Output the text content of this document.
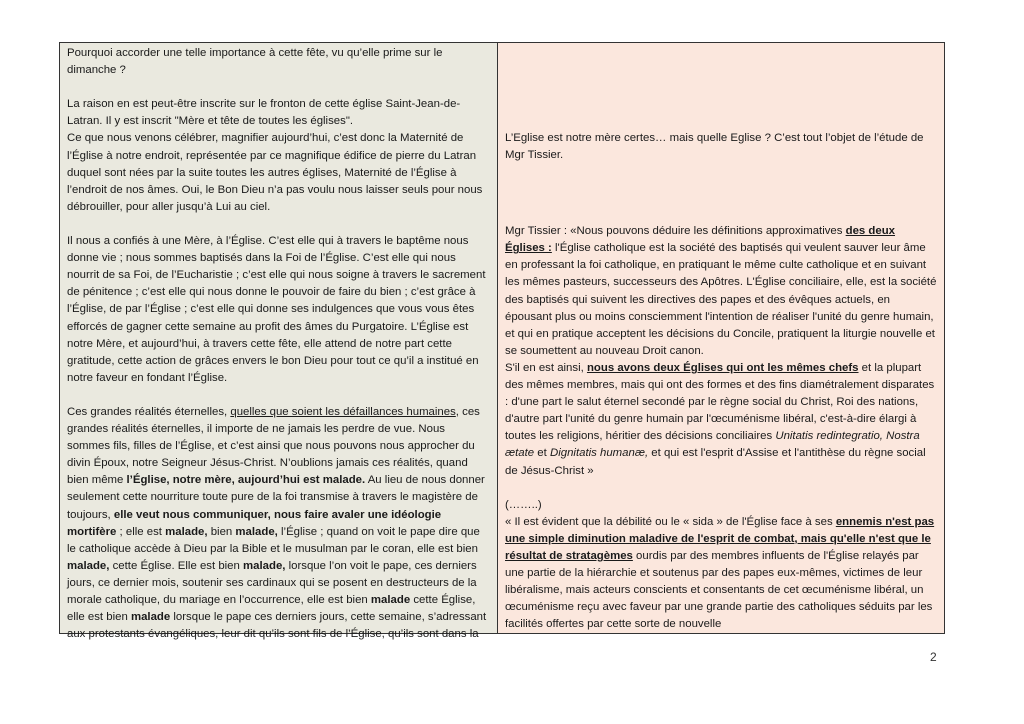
Pourquoi accorder une telle importance à cette fête, vu qu’elle prime sur le dimanche ?

La raison en est peut-être inscrite sur le fronton de cette église Saint-Jean-de-Latran. Il y est inscrit "Mère et tête de toutes les églises".

Ce que nous venons célébrer, magnifier aujourd’hui, c’est donc la Maternité de l’Église à notre endroit, représentée par ce magnifique édifice de pierre du Latran duquel sont nées par la suite toutes les autres églises, Maternité de l’Église à l’endroit de nos âmes. Oui, le Bon Dieu n’a pas voulu nous laisser seuls pour nous débrouiller, pour aller jusqu’à Lui au ciel.

Il nous a confiés à une Mère, à l’Église. C’est elle qui à travers le baptême nous donne vie ; nous sommes baptisés dans la Foi de l’Église. C’est elle qui nous nourrit de sa Foi, de l’Eucharistie ; c’est elle qui nous soigne à travers le sacrement de pénitence ; c’est elle qui nous donne le pouvoir de faire du bien ; c’est grâce à l’Église, de par l’Église ; c’est elle qui donne ses indulgences que vous vous êtes efforcés de gagner cette semaine au profit des âmes du Purgatoire. L’Église est notre Mère, et aujourd’hui, à travers cette fête, elle attend de notre part cette gratitude, cette action de grâces envers le bon Dieu pour tout ce qu’il a institué en notre faveur en fondant l’Église.

Ces grandes réalités éternelles, quelles que soient les défaillances humaines, ces grandes réalités éternelles, il importe de ne jamais les perdre de vue. Nous sommes fils, filles de l’Église, et c’est ainsi que nous pouvons nous approcher du divin Époux, notre Seigneur Jésus-Christ. N’oublions jamais ces réalités, quand bien même l’Église, notre mère, aujourd’hui est malade. Au lieu de nous donner seulement cette nourriture toute pure de la foi transmise à travers le magistère de toujours, elle veut nous communiquer, nous faire avaler une idéologie mortifère ; elle est malade, bien malade, l’Église ; quand on voit le pape dire que le catholique accède à Dieu par la Bible et le musulman par le coran, elle est bien malade, cette Église. Elle est bien malade, lorsque l’on voit le pape, ces derniers jours, ce dernier mois, soutenir ses cardinaux qui se posent en destructeurs de la morale catholique, du mariage en l’occurrence, elle est bien malade cette Église, elle est bien malade lorsque le pape ces derniers jours, cette semaine, s’adressant aux protestants évangéliques, leur dit qu’ils sont fils de l’Église, qu’ils sont dans la

L’Eglise est notre mère certes… mais quelle Eglise ? C’est tout l’objet de l’étude de Mgr Tissier.

Mgr Tissier : «Nous pouvons déduire les définitions approximatives des deux Églises : l'Église catholique est la société des baptisés qui veulent sauver leur âme en professant la foi catholique, en pratiquant le même culte catholique et en suivant les mêmes pasteurs, successeurs des Apôtres. L'Église conciliaire, elle, est la société des baptisés qui suivent les directives des papes et des évêques actuels, en épousant plus ou moins consciemment l'intention de réaliser l'unité du genre humain, et qui en pratique acceptent les décisions du Concile, pratiquent la liturgie nouvelle et se soumettent au nouveau Droit canon.

S'il en est ainsi, nous avons deux Églises qui ont les mêmes chefs et la plupart des mêmes membres, mais qui ont des formes et des fins diamétralement disparates : d'une part le salut éternel secondé par le règne social du Christ, Roi des nations, d'autre part l'unité du genre humain par l'œcuménisme libéral, c'est-à-dire élargi à toutes les religions, héritier des décisions conciliaires Unitatis redintegratio, Nostra ætate et Dignitatis humanæ, et qui est l'esprit d'Assise et l'antithèse du règne social de Jésus-Christ »

(……..)

« Il est évident que la débilité ou le « sida » de l'Église face à ses ennemis n'est pas une simple diminution maladive de l'esprit de combat, mais qu'elle n'est que le résultat de stratagèmes ourdis par des membres influents de l'Église relayés par une partie de la hiérarchie et soutenus par des papes eux-mêmes, victimes de leur libéralisme, mais acteurs conscients et consentants de cet œcuménisme libéral, un œcuménisme reçu avec faveur par une grande partie des catholiques séduits par les facilités offertes par cette sorte de nouvelle

2
